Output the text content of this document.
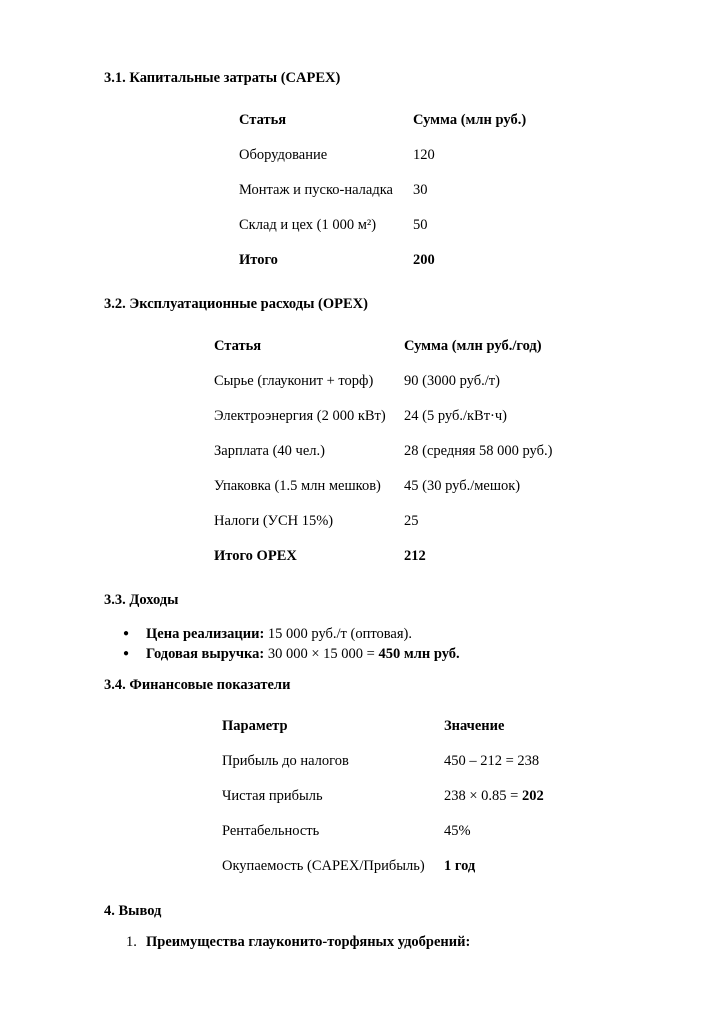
3.1. Капитальные затраты (CAPEX)
Статья	Сумма (млн руб.)
Оборудование	120
Монтаж и пуско-наладка	30
Склад и цех (1 000 м²)	50
Итого	200
3.2. Эксплуатационные расходы (OPEX)
Статья	Сумма (млн руб./год)
Сырье (глауконит + торф)	90 (3000 руб./т)
Электроэнергия (2 000 кВт)	24 (5 руб./кВт·ч)
Зарплата (40 чел.)	28 (средняя 58 000 руб.)
Упаковка (1.5 млн мешков)	45 (30 руб./мешок)
Налоги (УСН 15%)	25
Итого OPEX	212
3.3. Доходы
● Цена реализации: 15 000 руб./т (оптовая).
● Годовая выручка: 30 000 × 15 000 = 450 млн руб.
3.4. Финансовые показатели
Параметр	Значение
Прибыль до налогов	450 – 212 = 238
Чистая прибыль	238 × 0.85 = 202
Рентабельность	45%
Окупаемость (CAPEX/Прибыль)	1 год
4. Вывод
1. Преимущества глауконито-торфяных удобрений:
